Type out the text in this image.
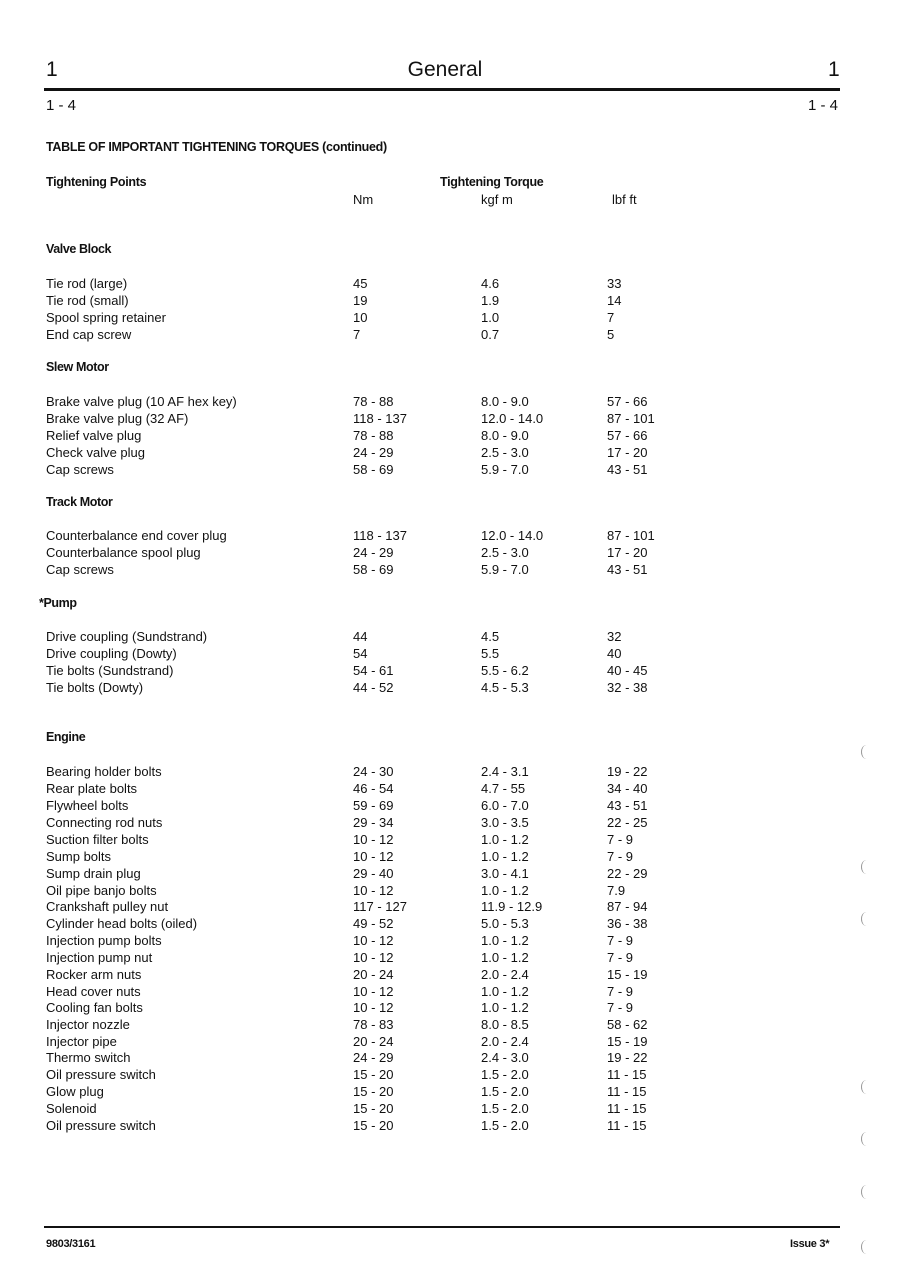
1	General	1
1 - 4	1 - 4
TABLE OF IMPORTANT TIGHTENING TORQUES (continued)
Tightening Points	Tightening Torque
Nm	kgf m	lbf ft
Valve Block
Tie rod (large)	45	4.6	33
Tie rod (small)	19	1.9	14
Spool spring retainer	10	1.0	7
End cap screw	7	0.7	5
Slew Motor
Brake valve plug (10 AF hex key)	78 - 88	8.0 - 9.0	57 - 66
Brake valve plug (32 AF)	118 - 137	12.0 - 14.0	87 - 101
Relief valve plug	78 - 88	8.0 - 9.0	57 - 66
Check valve plug	24 - 29	2.5 - 3.0	17 - 20
Cap screws	58 - 69	5.9 - 7.0	43 - 51
Track Motor
Counterbalance end cover plug	118 - 137	12.0 - 14.0	87 - 101
Counterbalance spool plug	24 - 29	2.5 - 3.0	17 - 20
Cap screws	58 - 69	5.9 - 7.0	43 - 51
*Pump
Drive coupling (Sundstrand)	44	4.5	32
Drive coupling (Dowty)	54	5.5	40
Tie bolts (Sundstrand)	54 - 61	5.5 - 6.2	40 - 45
Tie bolts (Dowty)	44 - 52	4.5 - 5.3	32 - 38
Engine
Bearing holder bolts	24 - 30	2.4 - 3.1	19 - 22
Rear plate bolts	46 - 54	4.7 - 55	34 - 40
Flywheel bolts	59 - 69	6.0 - 7.0	43 - 51
Connecting rod nuts	29 - 34	3.0 - 3.5	22 - 25
Suction filter bolts	10 - 12	1.0 - 1.2	7 - 9
Sump bolts	10 - 12	1.0 - 1.2	7 - 9
Sump drain plug	29 - 40	3.0 - 4.1	22 - 29
Oil pipe banjo bolts	10 - 12	1.0 - 1.2	7.9
Crankshaft pulley nut	117 - 127	11.9 - 12.9	87 - 94
Cylinder head bolts (oiled)	49 - 52	5.0 - 5.3	36 - 38
Injection pump bolts	10 - 12	1.0 - 1.2	7 - 9
Injection pump nut	10 - 12	1.0 - 1.2	7 - 9
Rocker arm nuts	20 - 24	2.0 - 2.4	15 - 19
Head cover nuts	10 - 12	1.0 - 1.2	7 - 9
Cooling fan bolts	10 - 12	1.0 - 1.2	7 - 9
Injector nozzle	78 - 83	8.0 - 8.5	58 - 62
Injector pipe	20 - 24	2.0 - 2.4	15 - 19
Thermo switch	24 - 29	2.4 - 3.0	19 - 22
Oil pressure switch	15 - 20	1.5 - 2.0	11 - 15
Glow plug	15 - 20	1.5 - 2.0	11 - 15
Solenoid	15 - 20	1.5 - 2.0	11 - 15
Oil pressure switch	15 - 20	1.5 - 2.0	11 - 15
9803/3161	Issue 3*
